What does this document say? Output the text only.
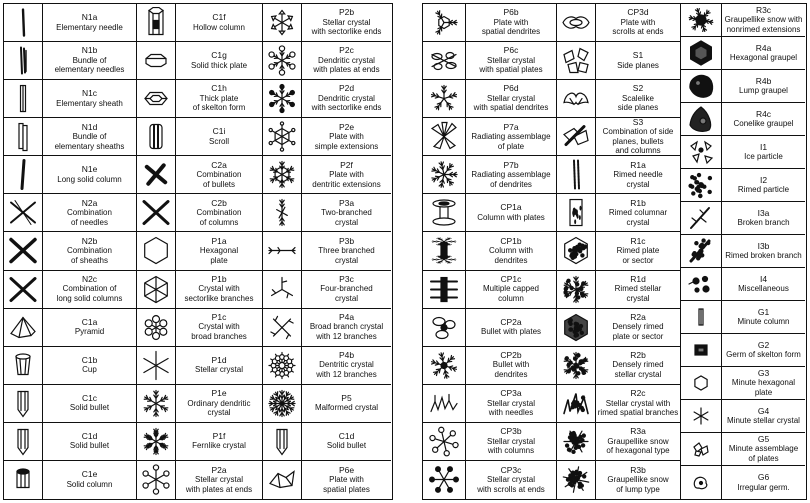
N1a
Elementary needle
N1b
Bundle of
elementary needles
N1c
Elementary sheath
N1d
Bundle of
elementary sheaths
N1e
Long solid column
N2a
Combination
of needles
N2b
Combination
of sheaths
N2c
Combination of
long solid columns
C1a
Pyramid
C1b
Cup
C1c
Solid bullet
C1d
Solid bullet
C1e
Solid column
C1f
Hollow column
C1g
Solid thick plate
C1h
Thick plate
of skelton form
C1i
Scroll
C2a
Combination
of bullets
C2b
Combination
of columns
P1a
Hexagonal
plate
P1b
Crystal with
sectorlike branches
P1c
Crystal with
broad branches
P1d
Stellar crystal
P1e
Ordinary dendritic
crystal
P1f
Fernlike crystal
P2a
Stellar crystal
with plates at ends
P2b
Stellar crystal
with sectorlike ends
P2c
Dendritic crystal
with plates at ends
P2d
Dendritic crystal
with sectorlike ends
P2e
Plate with
simple extensions
P2f
Plate with
dentritic extensions
P3a
Two-branched
crystal
P3b
Three branched
crystal
P3c
Four-branched
crystal
P4a
Broad branch crystal
with 12 branches
P4b
Dentritic crystal
with 12 branches
P5
Malformed crystal
C1d
Solid bullet
P6e
Plate with
spatial plates
P6b
Plate with
spatial dendrites
P6c
Stellar crystal
with spatial plates
P6d
Stellar crystal
with spatial dendrites
P7a
Radiating assemblage
of plate
P7b
Radiating assemblage
of dendrites
CP1a
Column with plates
CP1b
Column with
dendrites
CP1c
Multiple capped
column
CP2a
Bullet with plates
CP2b
Bullet with
dendrites
CP3a
Stellar crystal
with needles
CP3b
Stellar crystal
with columns
CP3c
Stellar crystal
with scrolls at ends
CP3d
Plate with
scrolls at ends
S1
Side planes
S2
Scalelike
side planes
S3
Combination of side
planes, bullets
and columns
R1a
Rimed needle
crystal
R1b
Rimed columnar
crystal
R1c
Rimed plate
or sector
R1d
Rimed stellar
crystal
R2a
Densely rimed
plate or sector
R2b
Densely rimed
stellar crystal
R2c
Stellar crystal with
rimed spatial branches
R3a
Graupellike snow
of hexagonal type
R3b
Graupellike snow
of lump type
R3c
Graupellike snow with
nonrimed extensions
R4a
Hexagonal graupel
R4b
Lump graupel
R4c
Conelike graupel
I1
Ice particle
I2
Rimed particle
I3a
Broken branch
I3b
Rimed broken branch
I4
Miscellaneous
G1
Minute column
G2
Germ of skelton form
G3
Minute hexagonal plate
G4
Minute stellar crystal
G5
Minute assemblage
of plates
G6
Irregular germ.
